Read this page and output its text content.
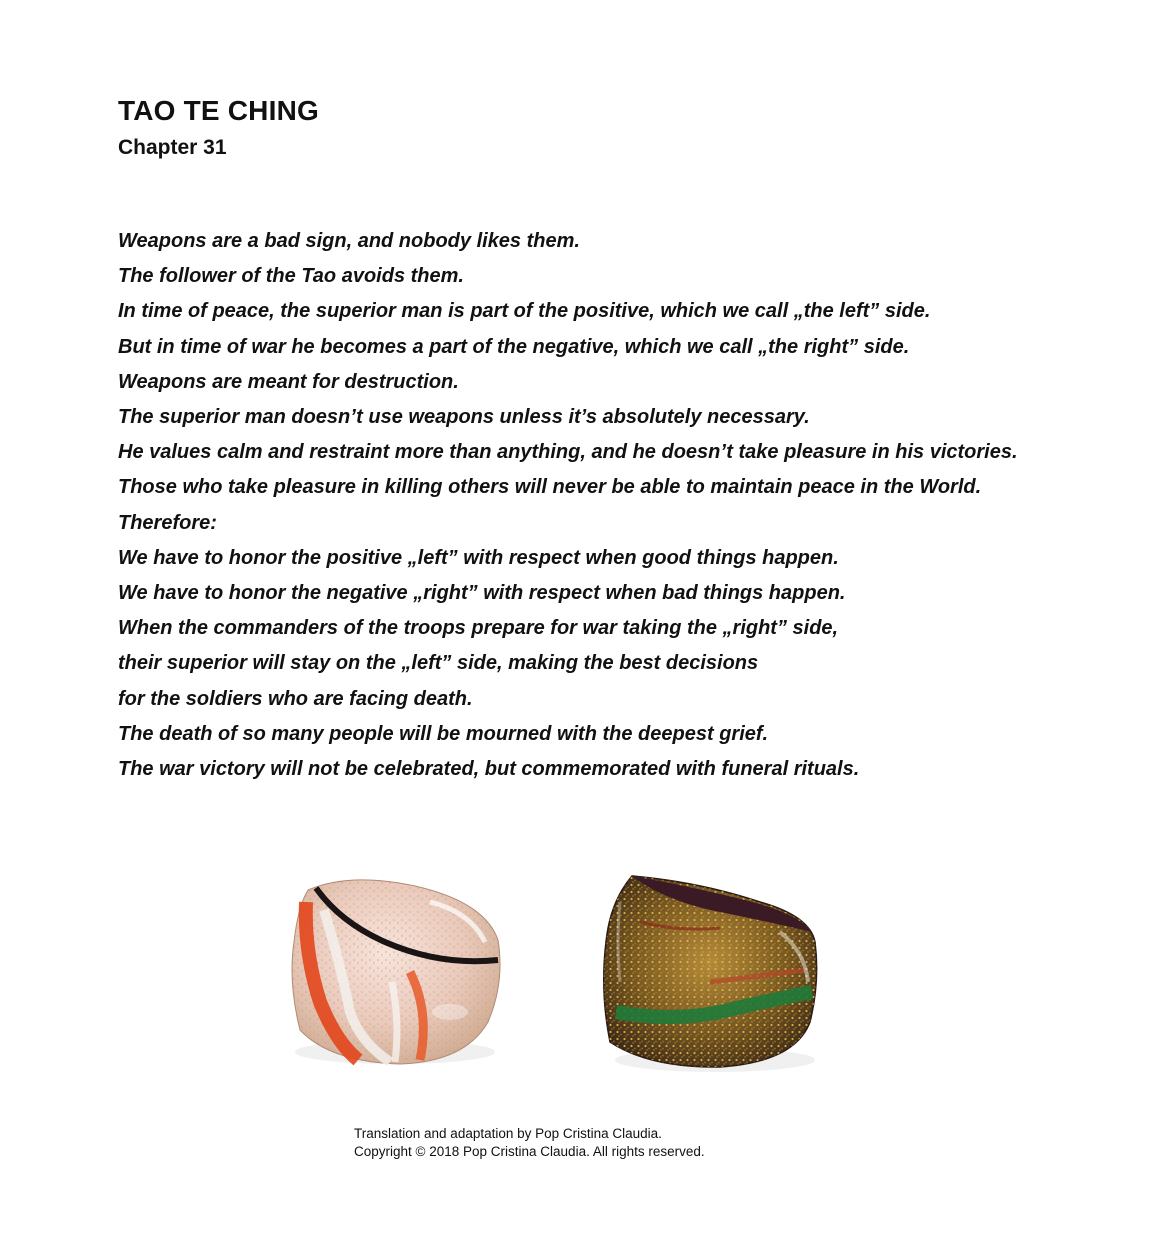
TAO TE CHING
Chapter 31
Weapons are a bad sign, and nobody likes them.
The follower of the Tao avoids them.
In time of peace, the superior man is part of the positive, which we call „the left” side.
But in time of war he becomes a part of the negative, which we call „the right” side.
Weapons are meant for destruction.
The superior man doesn’t use weapons unless it’s absolutely necessary.
He values calm and restraint more than anything, and he doesn’t take pleasure in his victories.
Those who take pleasure in killing others will never be able to maintain peace in the World.
Therefore:
We have to honor the positive „left” with respect when good things happen.
We have to honor the negative „right” with respect when bad things happen.
When the commanders of the troops prepare for war taking the „right” side,
their superior will stay on the „left” side, making the best decisions
for the soldiers who are facing death.
The death of so many people will be mourned with the deepest grief.
The war victory will not be celebrated, but commemorated with funeral rituals.
Translation and adaptation by Pop Cristina Claudia.
Copyright © 2018 Pop Cristina Claudia. All rights reserved.
